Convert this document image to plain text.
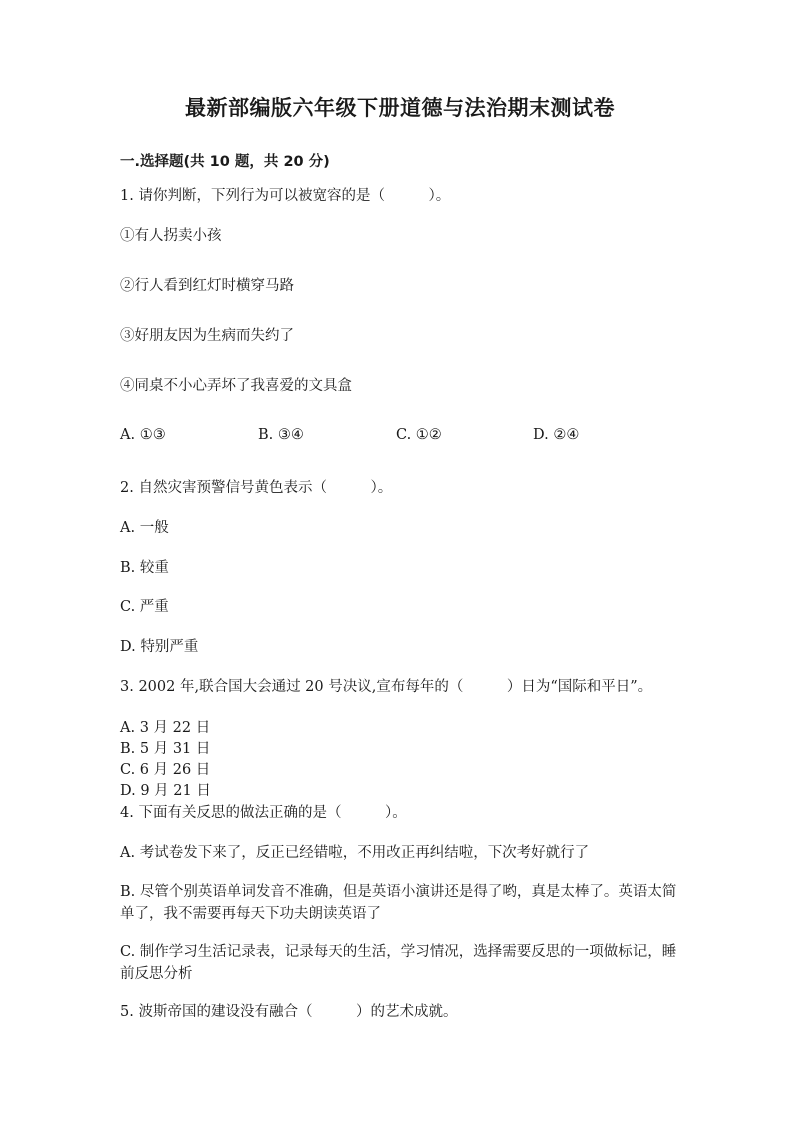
最新部编版六年级下册道德与法治期末测试卷
一.选择题(共 10 题，共 20 分)
1. 请你判断，下列行为可以被宽容的是（　　　）。
①有人拐卖小孩
②行人看到红灯时横穿马路
③好朋友因为生病而失约了
④同桌不小心弄坏了我喜爱的文具盒
A. ①③	B. ③④	C. ①②	D. ②④
2. 自然灾害预警信号黄色表示（　　　）。
A. 一般
B. 较重
C. 严重
D. 特别严重
3. 2002 年,联合国大会通过 20 号决议,宣布每年的（　　　）日为“国际和平日”。
A. 3 月 22 日
B. 5 月 31 日
C. 6 月 26 日
D. 9 月 21 日
4. 下面有关反思的做法正确的是（　　　）。
A. 考试卷发下来了，反正已经错啦，不用改正再纠结啦，下次考好就行了
B. 尽管个别英语单词发音不准确，但是英语小演讲还是得了哟，真是太棒了。英语太简单了，我不需要再每天下功夫朗读英语了
C. 制作学习生活记录表，记录每天的生活，学习情况，选择需要反思的一项做标记，睡前反思分析
5. 波斯帝国的建设没有融合（　　　）的艺术成就。
